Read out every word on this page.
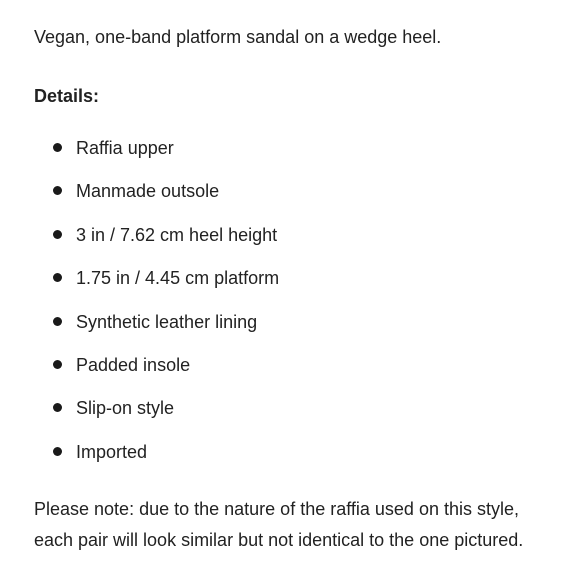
Vegan, one-band platform sandal on a wedge heel.

Details:

Raffia upper
Manmade outsole
3 in / 7.62 cm heel height
1.75 in / 4.45 cm platform
Synthetic leather lining
Padded insole
Slip-on style
Imported

Please note: due to the nature of the raffia used on this style, each pair will look similar but not identical to the one pictured.
